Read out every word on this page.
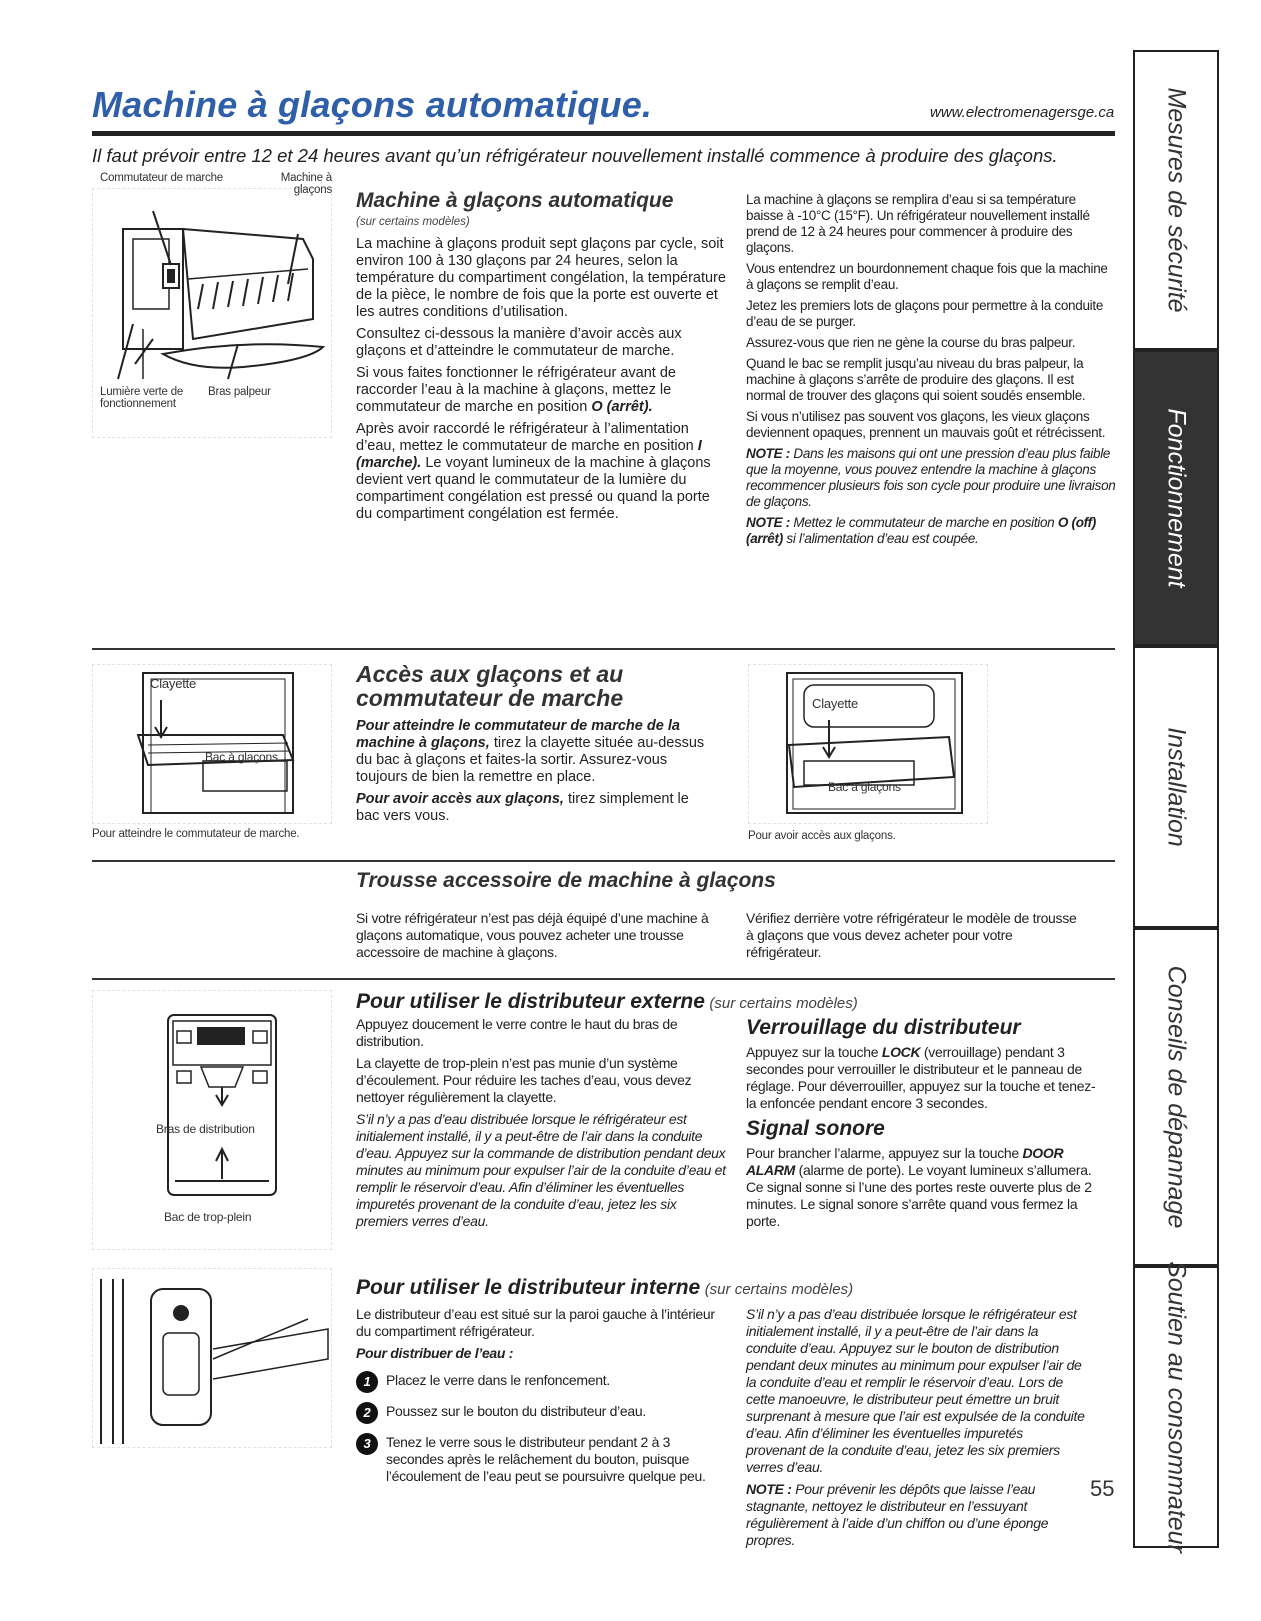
Machine à glaçons automatique.	www.electromenagersge.ca
Il faut prévoir entre 12 et 24 heures avant qu’un réfrigérateur nouvellement installé commence à produire des glaçons.	Mesures de sécurité
Fonctionnement
Installation
Conseils de dépannage
Soutien au consommateur
Commutateur de marche	Machine à glaçons
Lumière verte de fonctionnement
Bras palpeur
Machine à glaçons automatique
(sur certains modèles)

La machine à glaçons produit sept glaçons par cycle, soit environ 100 à 130 glaçons par 24 heures, selon la température du compartiment congélation, la température de la pièce, le nombre de fois que la porte est ouverte et les autres conditions d’utilisation.

Consultez ci-dessous la manière d’avoir accès aux glaçons et d’atteindre le commutateur de marche.

Si vous faites fonctionner le réfrigérateur avant de raccorder l’eau à la machine à glaçons, mettez le commutateur de marche en position O (arrêt).

Après avoir raccordé le réfrigérateur à l’alimentation d’eau, mettez le commutateur de marche en position I (marche). Le voyant lumineux de la machine à glaçons devient vert quand le commutateur de la lumière du compartiment congélation est pressé ou quand la porte du compartiment congélation est fermée.

La machine à glaçons se remplira d’eau si sa température baisse à -10°C (15°F). Un réfrigérateur nouvellement installé prend de 12 à 24 heures pour commencer à produire des glaçons.

Vous entendrez un bourdonnement chaque fois que la machine à glaçons se remplit d’eau.

Jetez les premiers lots de glaçons pour permettre à la conduite d’eau de se purger.

Assurez-vous que rien ne gène la course du bras palpeur.

Quand le bac se remplit jusqu’au niveau du bras palpeur, la machine à glaçons s’arrête de produire des glaçons. Il est normal de trouver des glaçons qui soient soudés ensemble.

Si vous n’utilisez pas souvent vos glaçons, les vieux glaçons deviennent opaques, prennent un mauvais goût et rétrécissent.

NOTE : Dans les maisons qui ont une pression d’eau plus faible que la moyenne, vous pouvez entendre la machine à glaçons recommencer plusieurs fois son cycle pour produire une livraison de glaçons.

NOTE : Mettez le commutateur de marche en position O (off) (arrêt) si l’alimentation d’eau est coupée.

Clayette
Bac à glaçons
Pour atteindre le commutateur de marche.
Accès aux glaçons et au commutateur de marche

Pour atteindre le commutateur de marche de la machine à glaçons, tirez la clayette située au-dessus du bac à glaçons et faites-la sortir. Assurez-vous toujours de bien la remettre en place.

Pour avoir accès aux glaçons, tirez simplement le bac vers vous.

Clayette
Bac à glaçons
Pour avoir accès aux glaçons.
Trousse accessoire de machine à glaçons
Si votre réfrigérateur n’est pas déjà équipé d’une machine à glaçons automatique, vous pouvez acheter une trousse accessoire de machine à glaçons.
Vérifiez derrière votre réfrigérateur le modèle de trousse à glaçons que vous devez acheter pour votre réfrigérateur.
Bras de distribution
Bac de trop-plein
Pour utiliser le distributeur externe (sur certains modèles)

Appuyez doucement le verre contre le haut du bras de distribution.

La clayette de trop-plein n’est pas munie d’un système d’écoulement. Pour réduire les taches d’eau, vous devez nettoyer régulièrement la clayette.

S’il n’y a pas d’eau distribuée lorsque le réfrigérateur est initialement installé, il y a peut-être de l’air dans la conduite d’eau. Appuyez sur la commande de distribution pendant deux minutes au minimum pour expulser l’air de la conduite d’eau et remplir le réservoir d’eau. Afin d’éliminer les éventuelles impuretés provenant de la conduite d’eau, jetez les six premiers verres d’eau.

Verrouillage du distributeur

Appuyez sur la touche LOCK (verrouillage) pendant 3 secondes pour verrouiller le distributeur et le panneau de réglage. Pour déverrouiller, appuyez sur la touche et tenez-la enfoncée pendant encore 3 secondes.

Signal sonore

Pour brancher l’alarme, appuyez sur la touche DOOR ALARM (alarme de porte). Le voyant lumineux s’allumera. Ce signal sonne si l’une des portes reste ouverte plus de 2 minutes. Le signal sonore s’arrête quand vous fermez la porte.

Pour utiliser le distributeur interne (sur certains modèles)

Le distributeur d’eau est situé sur la paroi gauche à l’intérieur du compartiment réfrigérateur.

Pour distribuer de l’eau :

1	Placez le verre dans le renfoncement.
2	Poussez sur le bouton du distributeur d’eau.
3	Tenez le verre sous le distributeur pendant 2 à 3 secondes après le relâchement du bouton, puisque l’écoulement de l’eau peut se poursuivre quelque peu.

S’il n’y a pas d’eau distribuée lorsque le réfrigérateur est initialement installé, il y a peut-être de l’air dans la conduite d’eau. Appuyez sur le bouton de distribution pendant deux minutes au minimum pour expulser l’air de la conduite d’eau et remplir le réservoir d’eau. Lors de cette manoeuvre, le distributeur peut émettre un bruit surprenant à mesure que l’air est expulsée de la conduite d’eau. Afin d’éliminer les éventuelles impuretés provenant de la conduite d’eau, jetez les six premiers verres d’eau.

NOTE : Pour prévenir les dépôts que laisse l’eau stagnante, nettoyez le distributeur en l’essuyant régulièrement à l’aide d’un chiffon ou d’une éponge propres.

55
